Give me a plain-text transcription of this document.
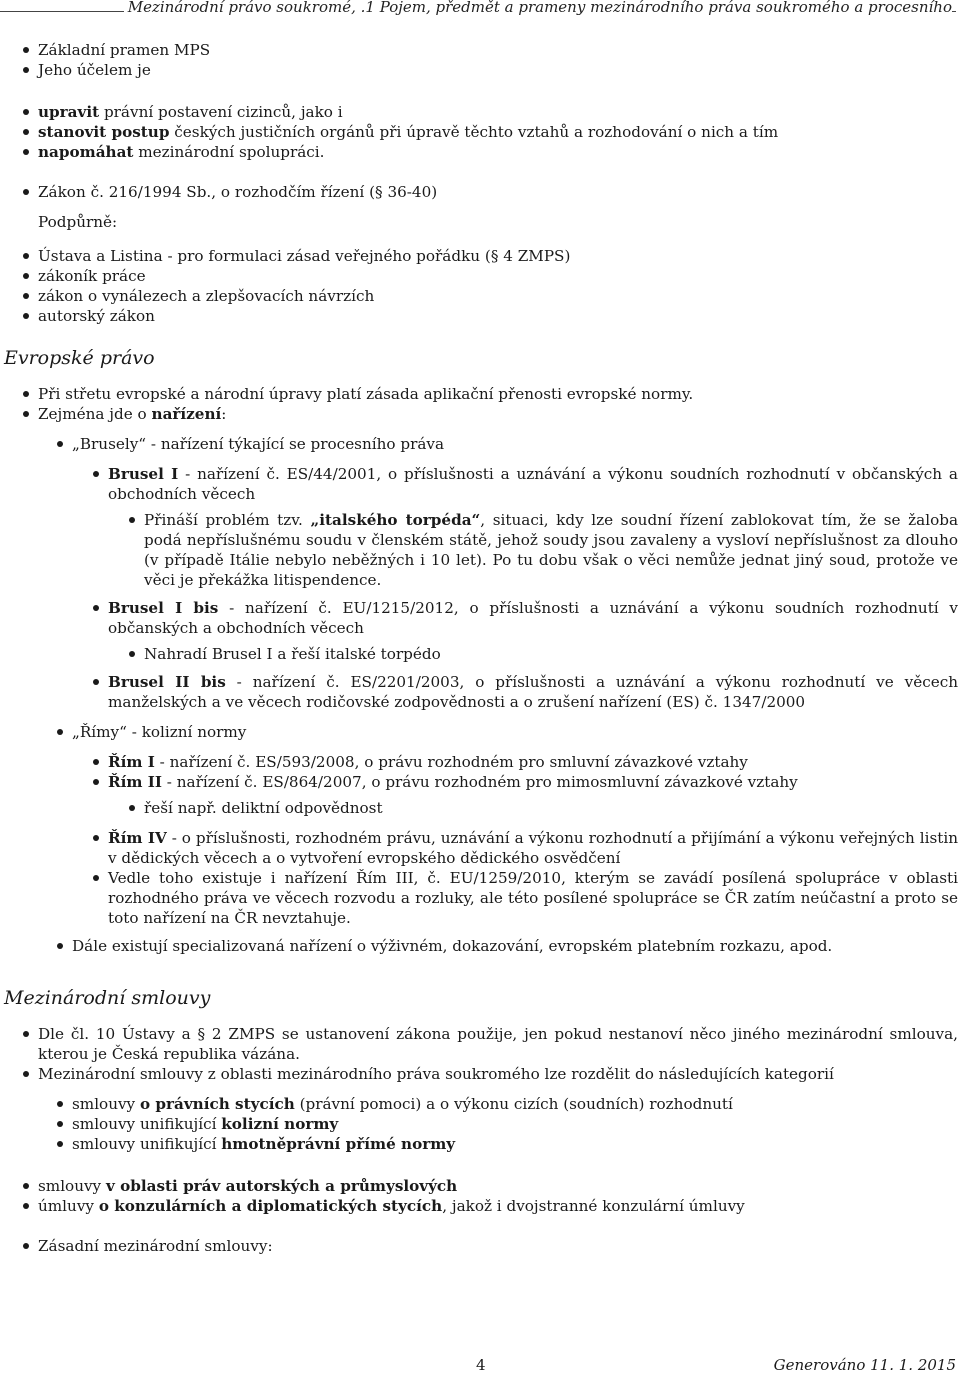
Mezinárodní právo soukromé, .1 Pojem, předmět a prameny mezinárodního práva soukromého a procesního
Základní pramen MPS
Jeho účelem je
upravit právní postavení cizinců, jako i
stanovit postup českých justičních orgánů při úpravě těchto vztahů a rozhodování o nich a tím
napomáhat mezinárodní spolupráci.
Zákon č. 216/1994 Sb., o rozhodčím řízení (§ 36-40)
Podpůrně:
Ústava a Listina - pro formulaci zásad veřejného pořádku (§ 4 ZMPS)
zákoník práce
zákon o vynálezech a zlepšovacích návrzích
autorský zákon
Evropské právo
Při střetu evropské a národní úpravy platí zásada aplikační přenosti evropské normy.
Zejména jde o nařízení:
„Brusely“ - nařízení týkající se procesního práva
Brusel I - nařízení č. ES/44/2001, o příslušnosti a uznávání a výkonu soudních rozhodnutí v občanských a obchodních věcech
Přináší problém tzv. „italského torpéda“, situaci, kdy lze soudní řízení zablokovat tím, že se žaloba podá nepříslušnému soudu v členském státě, jehož soudy jsou zavaleny a vysloví nepříslušnost za dlouho (v případě Itálie nebylo neběžných i 10 let). Po tu dobu však o věci nemůže jednat jiný soud, protože ve věci je překážka litispendence.
Brusel I bis - nařízení č. EU/1215/2012, o příslušnosti a uznávání a výkonu soudních rozhodnutí v občanských a obchodních věcech
Nahradí Brusel I a řeší italské torpédo
Brusel II bis - nařízení č. ES/2201/2003, o příslušnosti a uznávání a výkonu rozhodnutí ve věcech manželských a ve věcech rodičovské zodpovědnosti a o zrušení nařízení (ES) č. 1347/2000
„Římy“ - kolizní normy
Řím I - nařízení č. ES/593/2008, o právu rozhodném pro smluvní závazkové vztahy
Řím II - nařízení č. ES/864/2007, o právu rozhodném pro mimosmluvní závazkové vztahy
řeší např. deliktní odpovědnost
Řím IV - o příslušnosti, rozhodném právu, uznávání a výkonu rozhodnutí a přijímání a výkonu veřejných listin v dědických věcech a o vytvoření evropského dědického osvědčení
Vedle toho existuje i nařízení Řím III, č. EU/1259/2010, kterým se zavádí posílená spolupráce v oblasti rozhodného práva ve věcech rozvodu a rozluky, ale této posílené spolupráce se ČR zatím neúčastní a proto se toto nařízení na ČR nevztahuje.
Dále existují specializovaná nařízení o výživném, dokazování, evropském platebním rozkazu, apod.
Mezinárodní smlouvy
Dle čl. 10 Ústavy a § 2 ZMPS se ustanovení zákona použije, jen pokud nestanoví něco jiného mezinárodní smlouva, kterou je Česká republika vázána.
Mezinárodní smlouvy z oblasti mezinárodního práva soukromého lze rozdělit do následujících kategorií
smlouvy o právních stycích (právní pomoci) a o výkonu cizích (soudních) rozhodnutí
smlouvy unifikující kolizní normy
smlouvy unifikující hmotněprávní přímé normy
smlouvy v oblasti práv autorských a průmyslových
úmluvy o konzulárních a diplomatických stycích, jakož i dvojstranné konzulární úmluvy
Zásadní mezinárodní smlouvy:
4	Generováno 11. 1. 2015
